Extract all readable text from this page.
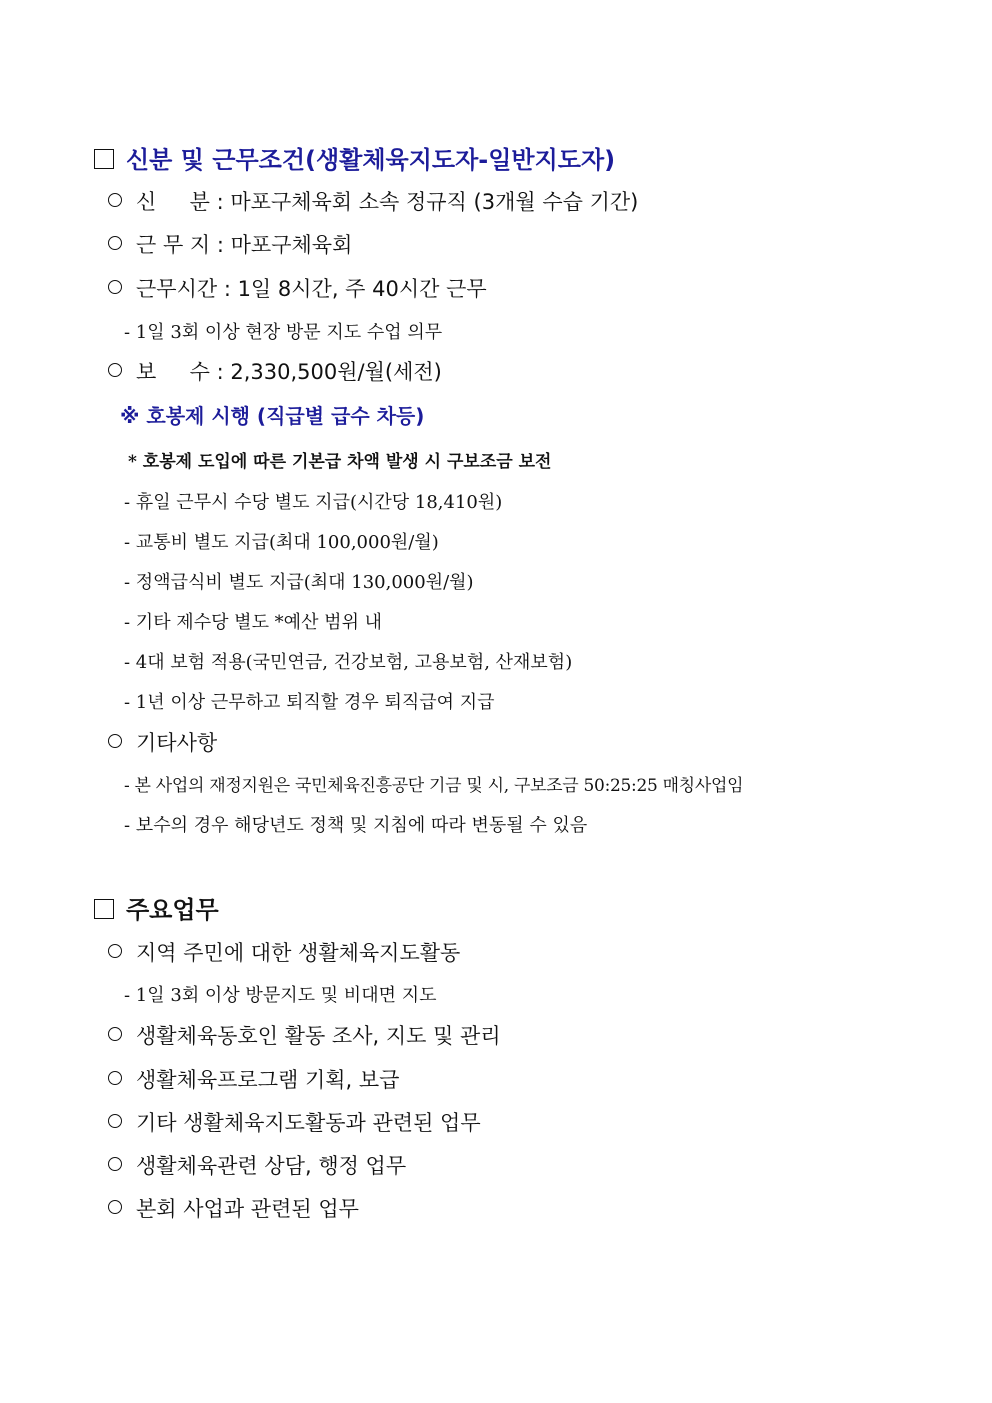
신분 및 근무조건(생활체육지도자-일반지도자)
신     분 : 마포구체육회 소속 정규직 (3개월 수습 기간)
근 무 지 : 마포구체육회
근무시간 : 1일 8시간, 주 40시간 근무
- 1일 3회 이상 현장 방문 지도 수업 의무
보     수 : 2,330,500원/월(세전)
※ 호봉제 시행 (직급별 급수 차등)
* 호봉제 도입에 따른 기본급 차액 발생 시 구보조금 보전
- 휴일 근무시 수당 별도 지급(시간당 18,410원)
- 교통비 별도 지급(최대 100,000원/월)
- 정액급식비 별도 지급(최대 130,000원/월)
- 기타 제수당 별도 *예산 범위 내
- 4대 보험 적용(국민연금, 건강보험, 고용보험, 산재보험)
- 1년 이상 근무하고 퇴직할 경우 퇴직급여 지급
기타사항
- 본 사업의 재정지원은 국민체육진흥공단 기금 및 시, 구보조금 50:25:25 매칭사업임
- 보수의 경우 해당년도 정책 및 지침에 따라 변동될 수 있음
주요업무
지역 주민에 대한 생활체육지도활동
- 1일 3회 이상 방문지도 및 비대면 지도
생활체육동호인 활동 조사, 지도 및 관리
생활체육프로그램 기획, 보급
기타 생활체육지도활동과 관련된 업무
생활체육관련 상담, 행정 업무
본회 사업과 관련된 업무
